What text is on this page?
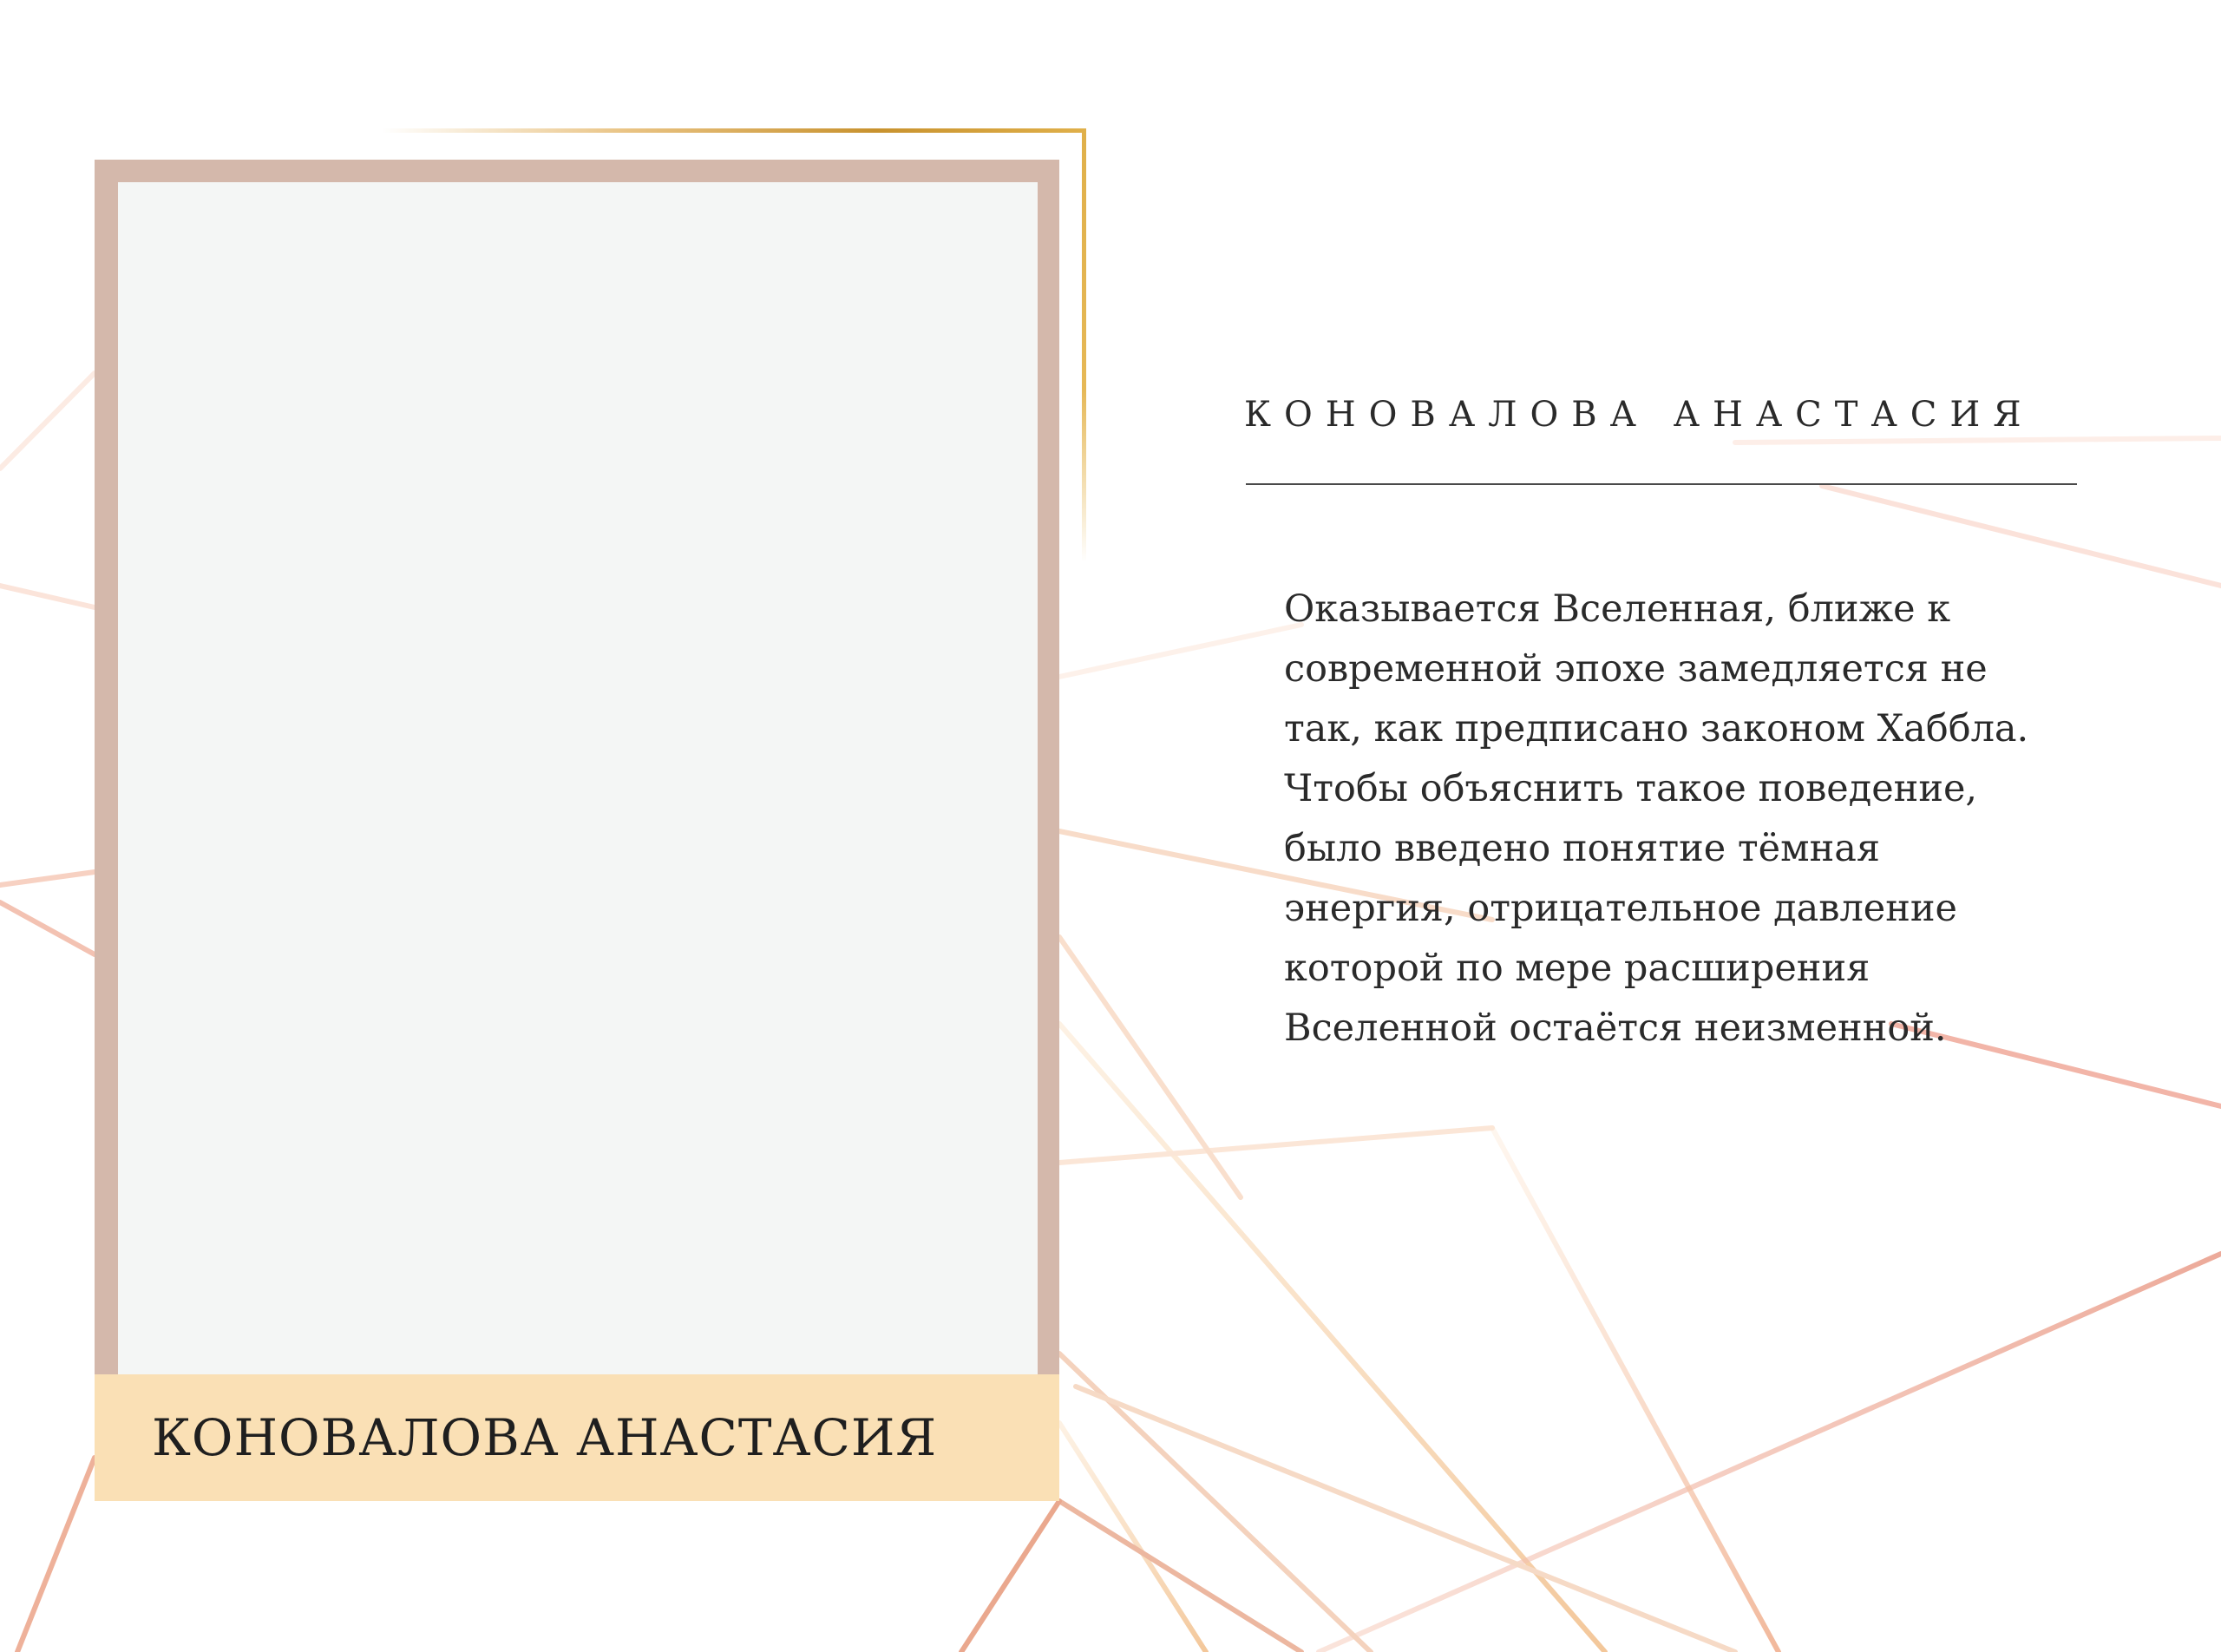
КОНОВАЛОВА АНАСТАСИЯ
КОНОВАЛОВА АНАСТАСИЯ
Оказывается Вселенная, ближе к
современной эпохе замедляется не
так, как предписано законом Хаббла.
Чтобы объяснить такое поведение,
было введено понятие тёмная
энергия, отрицательное давление
которой по мере расширения
Вселенной остаётся неизменной.
